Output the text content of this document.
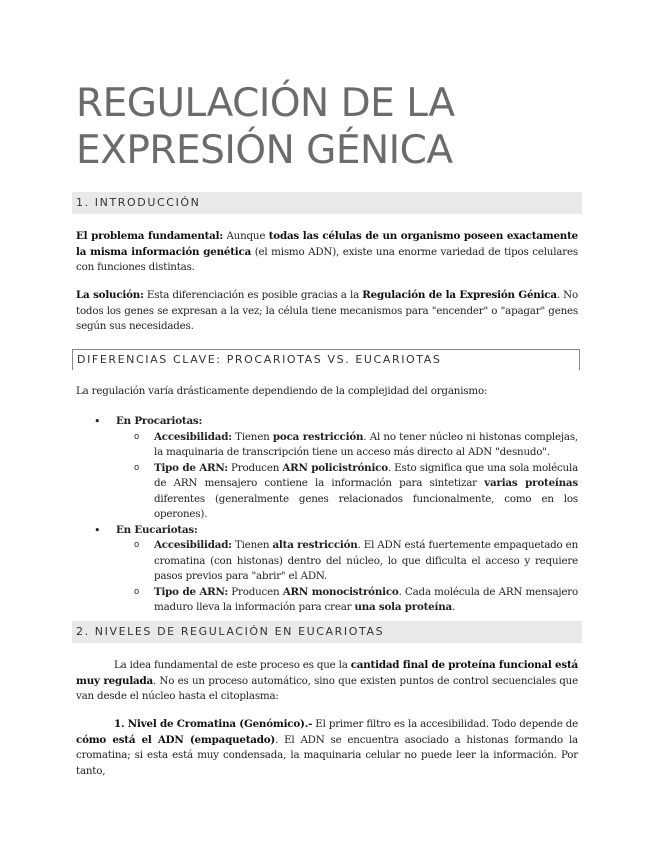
REGULACIÓN DE LA
EXPRESIÓN GÉNICA
1. INTRODUCCIÓN

El problema fundamental: Aunque todas las células de un organismo poseen exactamente la misma información genética (el mismo ADN), existe una enorme variedad de tipos celulares con funciones distintas.

La solución: Esta diferenciación es posible gracias a la Regulación de la Expresión Génica. No todos los genes se expresan a la vez; la célula tiene mecanismos para "encender" o "apagar" genes según sus necesidades.

DIFERENCIAS CLAVE: PROCARIOTAS VS. EUCARIOTAS

La regulación varía drásticamente dependiendo de la complejidad del organismo:

• En Procariotas:
o Accesibilidad: Tienen poca restricción. Al no tener núcleo ni histonas complejas, la maquinaria de transcripción tiene un acceso más directo al ADN "desnudo".
o Tipo de ARN: Producen ARN policistrónico. Esto significa que una sola molécula de ARN mensajero contiene la información para sintetizar varias proteínas diferentes (generalmente genes relacionados funcionalmente, como en los operones).
• En Eucariotas:
o Accesibilidad: Tienen alta restricción. El ADN está fuertemente empaquetado en cromatina (con histonas) dentro del núcleo, lo que dificulta el acceso y requiere pasos previos para "abrir" el ADN.
o Tipo de ARN: Producen ARN monocistrónico. Cada molécula de ARN mensajero maduro lleva la información para crear una sola proteína.
2. NIVELES DE REGULACIÓN EN EUCARIOTAS

La idea fundamental de este proceso es que la cantidad final de proteína funcional está muy regulada. No es un proceso automático, sino que existen puntos de control secuenciales que van desde el núcleo hasta el citoplasma:

1. Nivel de Cromatina (Genómico).- El primer filtro es la accesibilidad. Todo depende de cómo está el ADN (empaquetado). El ADN se encuentra asociado a histonas formando la cromatina; si esta está muy condensada, la maquinaria celular no puede leer la información. Por tanto,
